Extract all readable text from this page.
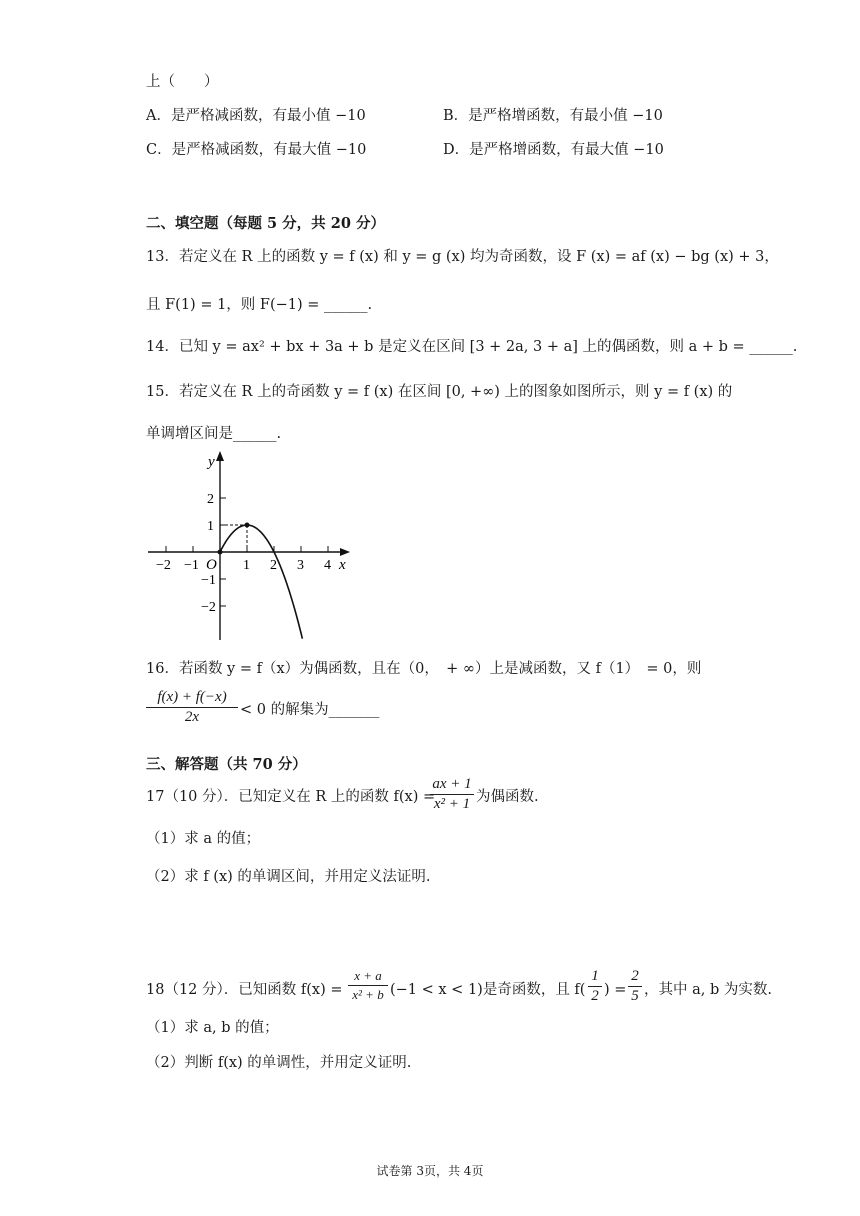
上（　　）
A．是严格减函数，有最小值 −10	B．是严格增函数，有最小值 −10
C．是严格减函数，有最大值 −10	D．是严格增函数，有最大值 −10
二、填空题（每题 5 分，共 20 分）
13．若定义在 R 上的函数 y = f (x) 和 y = g (x) 均为奇函数，设 F (x) = af (x) − bg (x) + 3，
且 F(1) = 1，则 F(−1) = ______.
14．已知 y = ax² + bx + 3a + b 是定义在区间 [3 + 2a, 3 + a] 上的偶函数，则 a + b = ______.
15．若定义在 R 上的奇函数 y = f (x) 在区间 [0, +∞) 上的图象如图所示，则 y = f (x) 的
单调增区间是______.
y
x
O
2
1
−1
−2
−2 −1	1 2 3 4
16．若函数 y = f（x）为偶函数，且在（0，　+ ∞）上是减函数，又 f（1）　= 0，则
f(x) + f(−x)
2x	< 0 的解集为_______
三、解答题（共 70 分）
17（10 分）．已知定义在 R 上的函数 f(x) =
ax + 1
x² + 1 为偶函数.
（1）求 a 的值；
（2）求 f (x) 的单调区间，并用定义法证明.
18（12 分）．已知函数 f(x) =
x + a
x² + b (−1 < x < 1)是奇函数，且 f(
1
2 ) =
2
5 ，其中 a, b 为实数.
（1）求 a, b 的值；
（2）判断 f(x) 的单调性，并用定义证明.
试卷第 3页，共 4页
